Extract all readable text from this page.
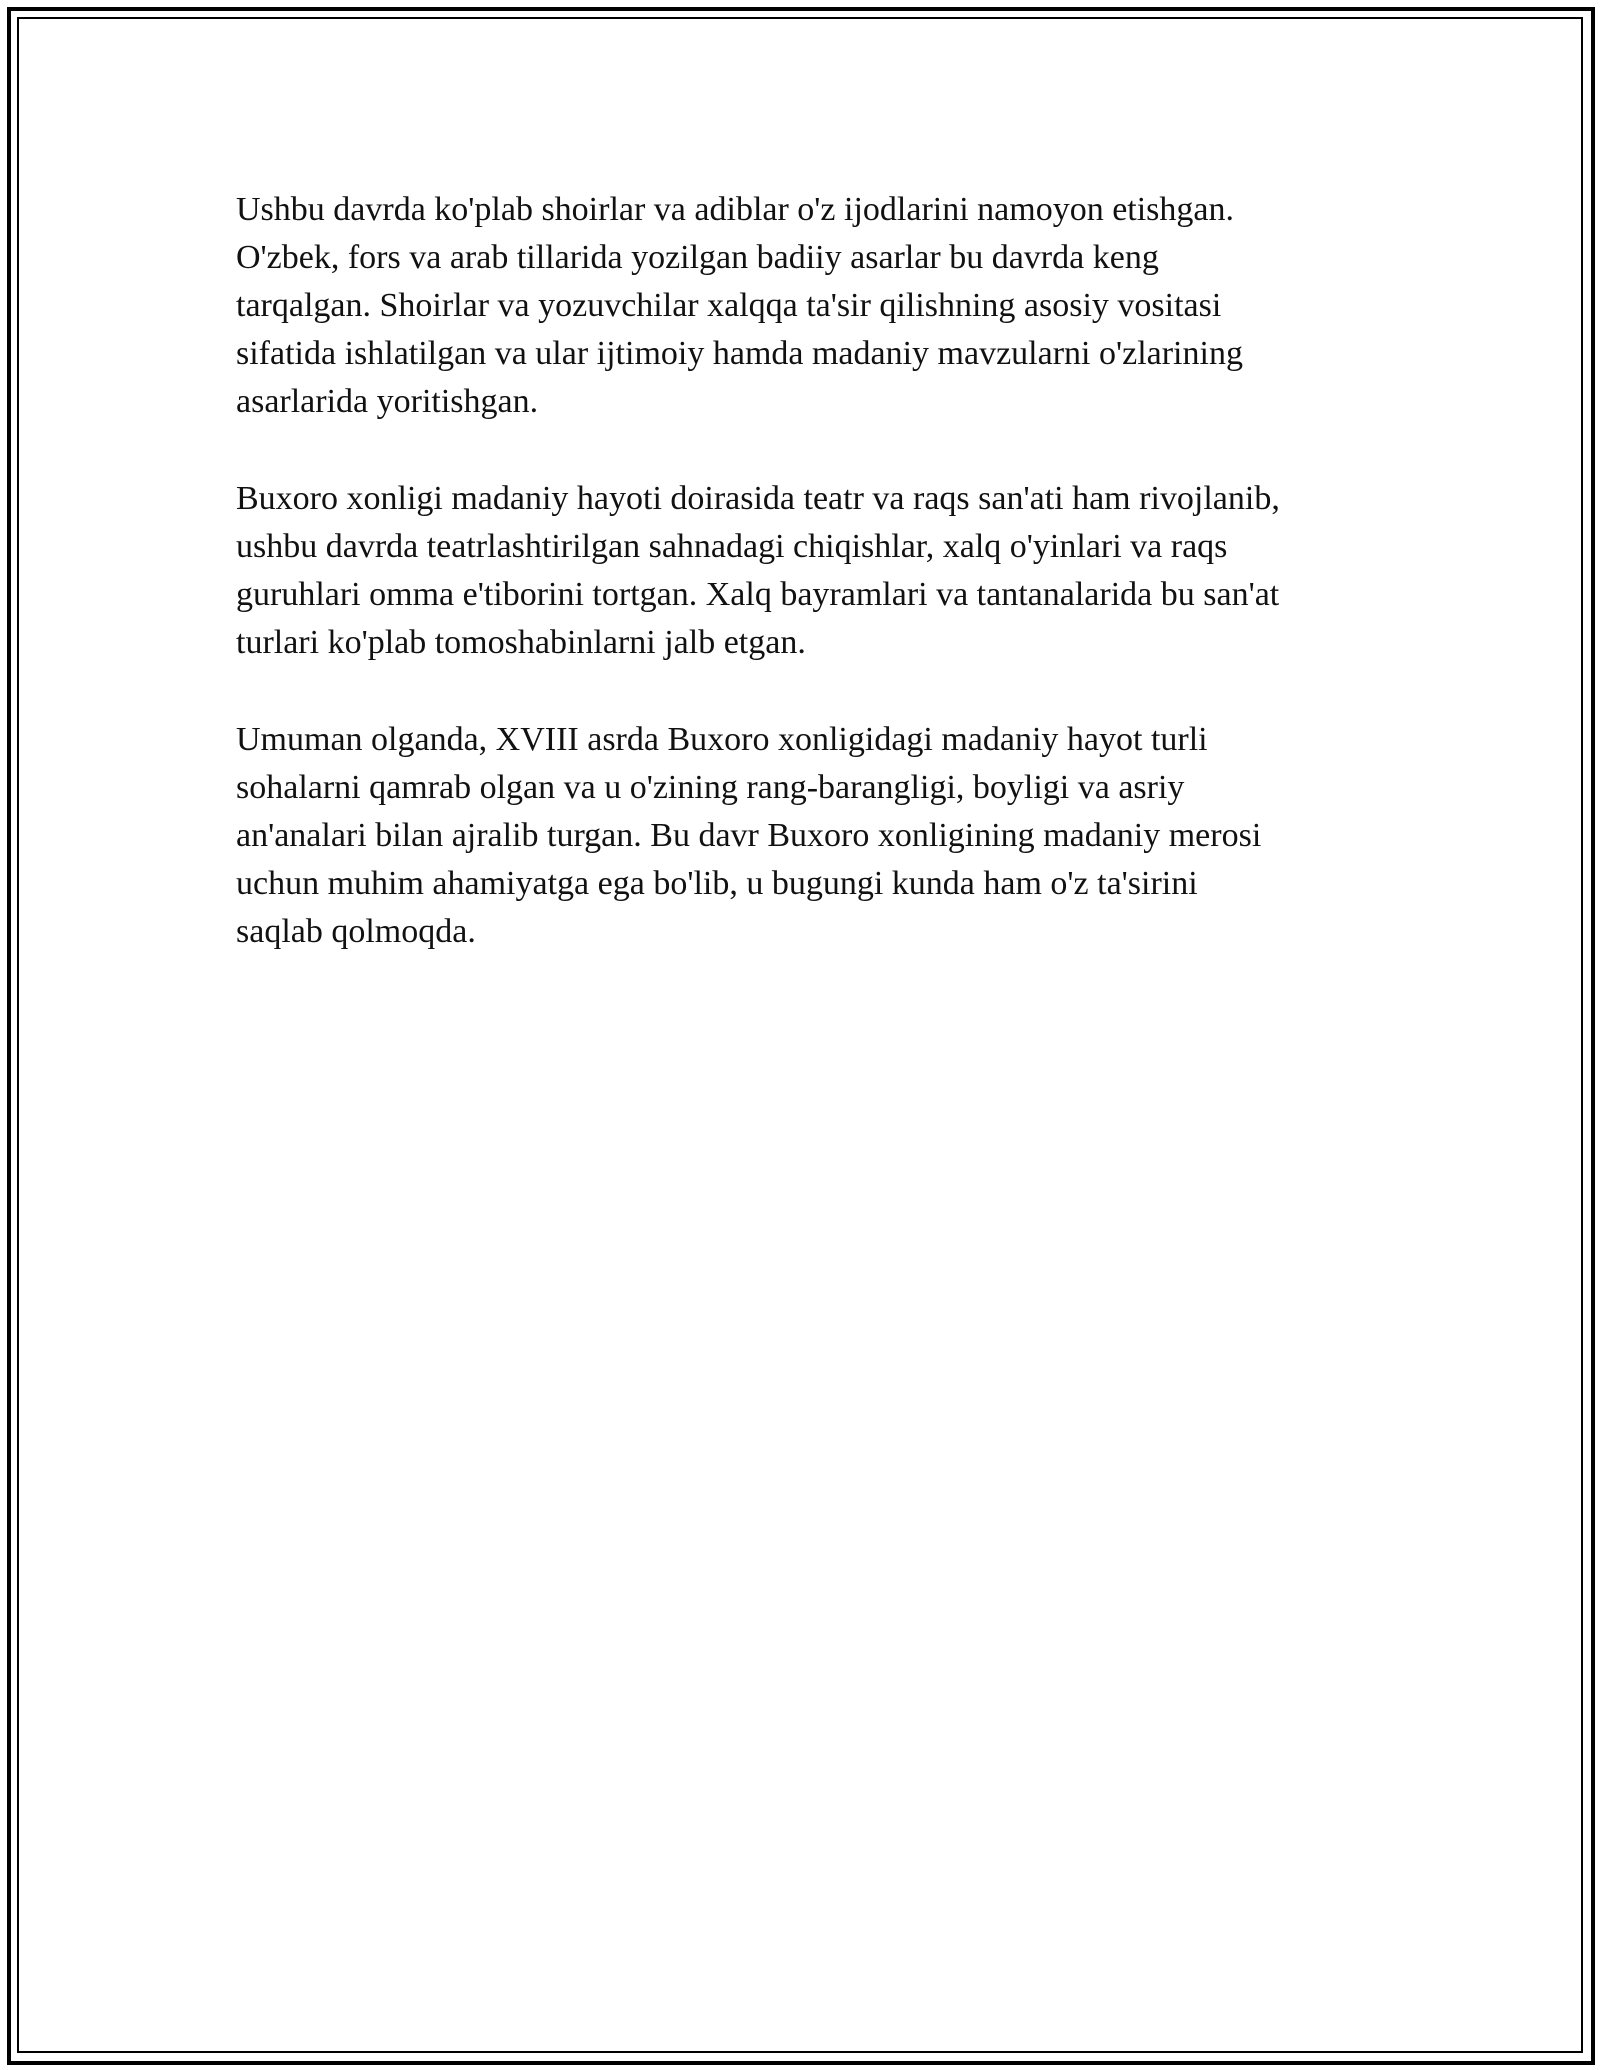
Ushbu davrda ko'plab shoirlar va adiblar o'z ijodlarini namoyon etishgan.
O'zbek, fors va arab tillarida yozilgan badiiy asarlar bu davrda keng
tarqalgan. Shoirlar va yozuvchilar xalqqa ta'sir qilishning asosiy vositasi
sifatida ishlatilgan va ular ijtimoiy hamda madaniy mavzularni o'zlarining
asarlarida yoritishgan.

Buxoro xonligi madaniy hayoti doirasida teatr va raqs san'ati ham rivojlanib,
ushbu davrda teatrlashtirilgan sahnadagi chiqishlar, xalq o'yinlari va raqs
guruhlari omma e'tiborini tortgan. Xalq bayramlari va tantanalarida bu san'at
turlari ko'plab tomoshabinlarni jalb etgan.

Umuman olganda, XVIII asrda Buxoro xonligidagi madaniy hayot turli
sohalarni qamrab olgan va u o'zining rang-barangligi, boyligi va asriy
an'analari bilan ajralib turgan. Bu davr Buxoro xonligining madaniy merosi
uchun muhim ahamiyatga ega bo'lib, u bugungi kunda ham o'z ta'sirini
saqlab qolmoqda.
